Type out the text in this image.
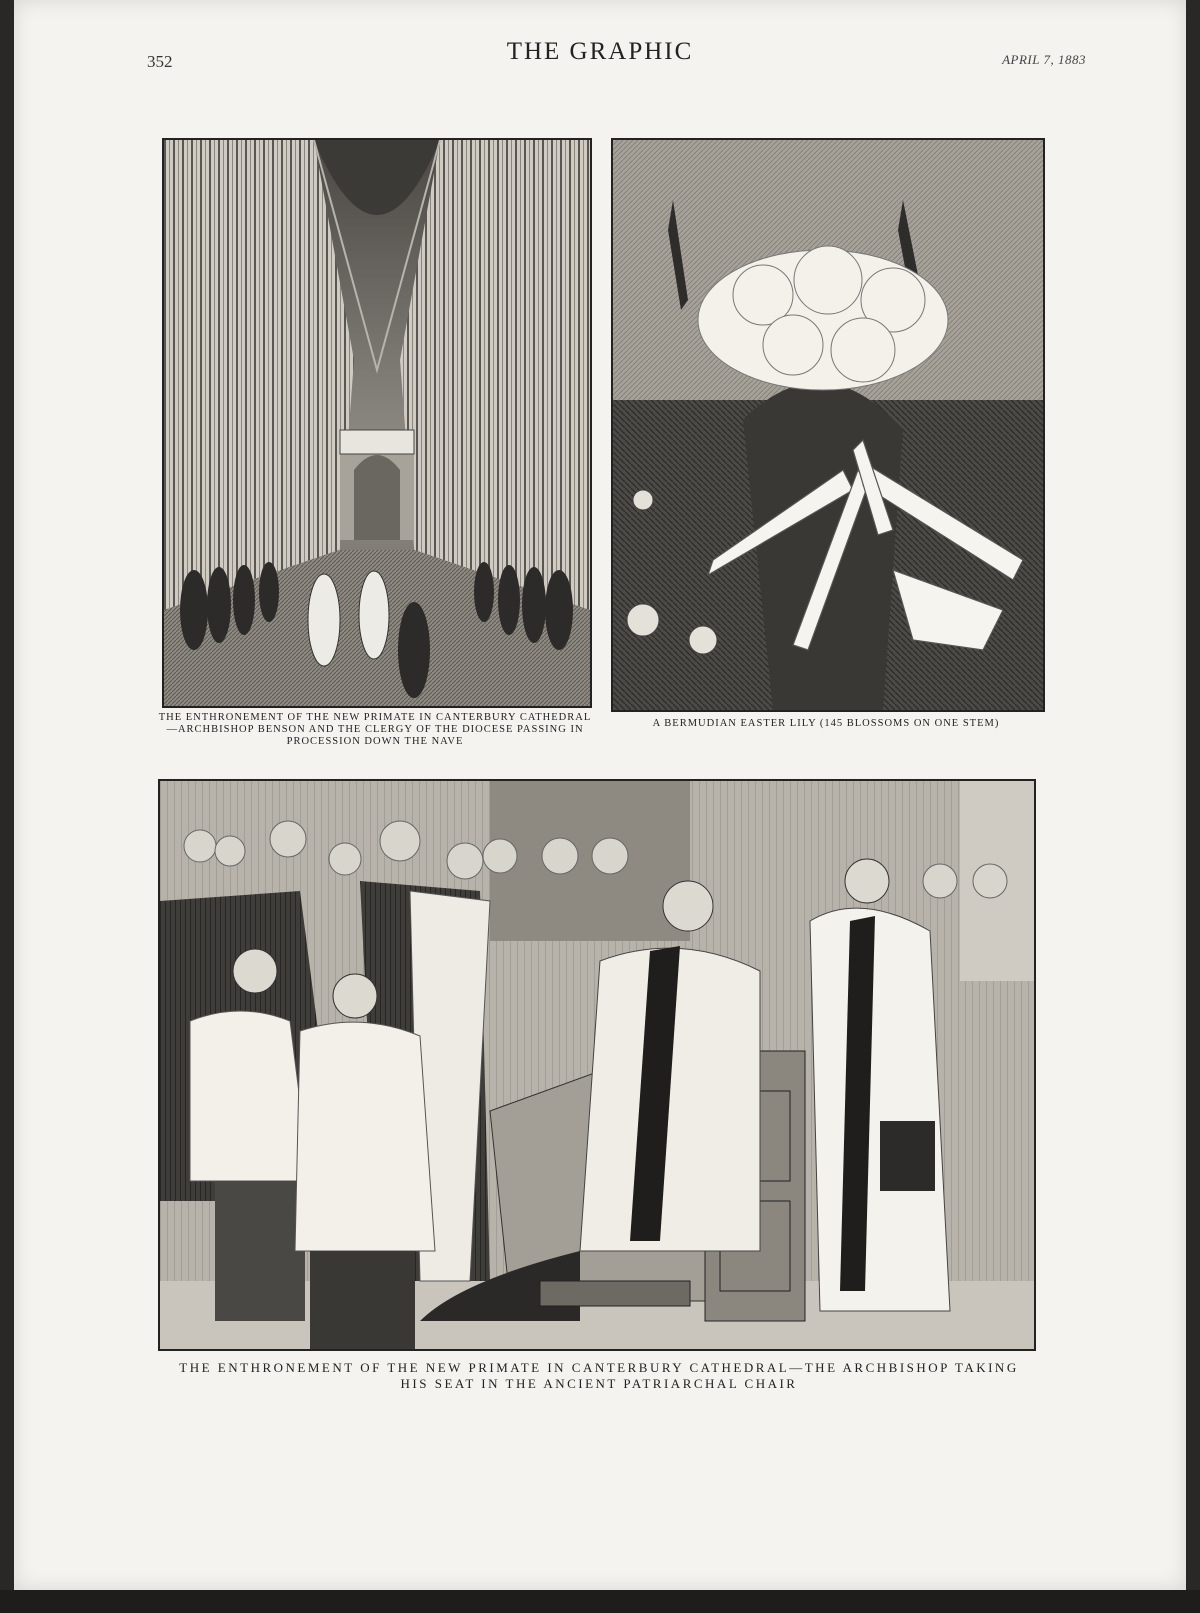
352	THE GRAPHIC	APRIL 7, 1883
THE ENTHRONEMENT OF THE NEW PRIMATE IN CANTERBURY CATHEDRAL—ARCHBISHOP BENSON AND THE CLERGY OF THE DIOCESE PASSING IN PROCESSION DOWN THE NAVE
A BERMUDIAN EASTER LILY (145 BLOSSOMS ON ONE STEM)
THE ENTHRONEMENT OF THE NEW PRIMATE IN CANTERBURY CATHEDRAL—THE ARCHBISHOP TAKING HIS SEAT IN THE ANCIENT PATRIARCHAL CHAIR
